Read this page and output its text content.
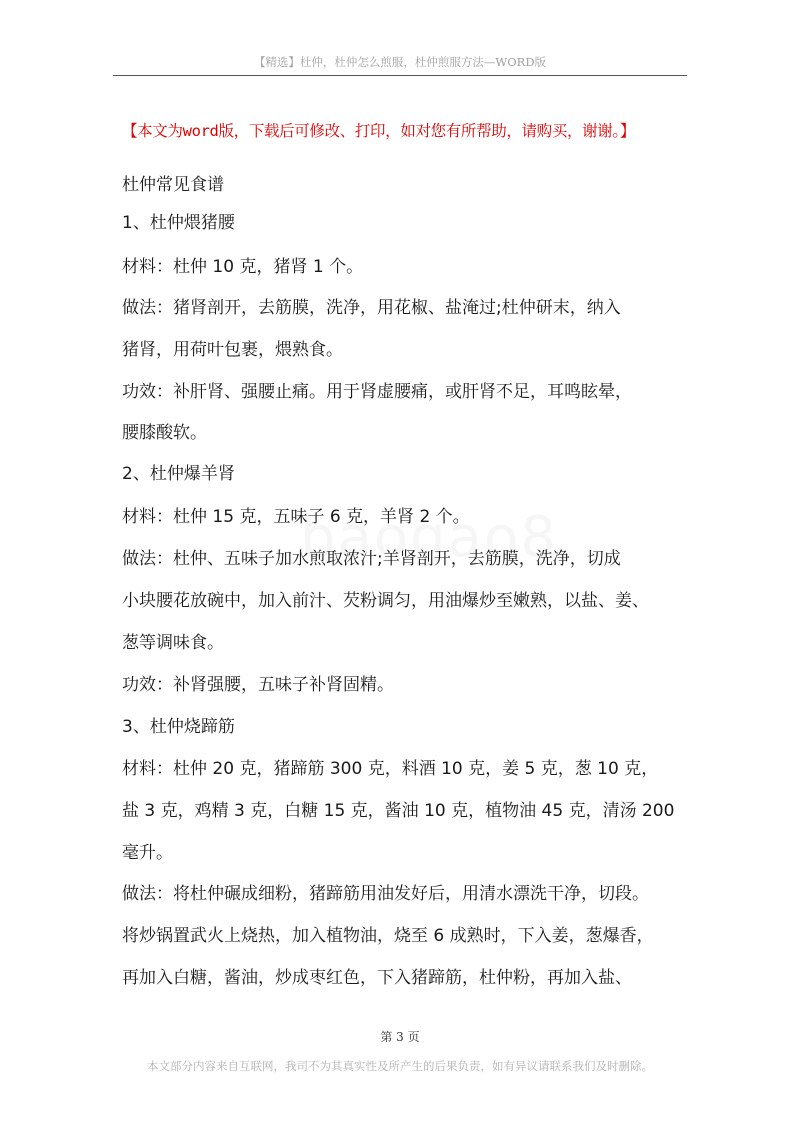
【精选】杜仲，杜仲怎么煎服，杜仲煎服方法—WORD版
【本文为word版，下载后可修改、打印，如对您有所帮助，请购买，谢谢。】
杜仲常见食谱
1、杜仲煨猪腰
材料：杜仲 10 克，猪肾 1 个。
做法：猪肾剖开，去筋膜，洗净，用花椒、盐淹过;杜仲研末，纳入
猪肾，用荷叶包裹，煨熟食。
功效：补肝肾、强腰止痛。用于肾虚腰痛，或肝肾不足，耳鸣眩晕，
腰膝酸软。
2、杜仲爆羊肾
材料：杜仲 15 克，五味子 6 克，羊肾 2 个。
做法：杜仲、五味子加水煎取浓汁;羊肾剖开，去筋膜，洗净，切成
小块腰花放碗中，加入前汁、芡粉调匀，用油爆炒至嫩熟，以盐、姜、
葱等调味食。
功效：补肾强腰，五味子补肾固精。
3、杜仲烧蹄筋
材料：杜仲 20 克，猪蹄筋 300 克，料酒 10 克，姜 5 克，葱 10 克，
盐 3 克，鸡精 3 克，白糖 15 克，酱油 10 克，植物油 45 克，清汤 200
毫升。
做法：将杜仲碾成细粉，猪蹄筋用油发好后，用清水漂洗干净，切段。
将炒锅置武火上烧热，加入植物油，烧至 6 成熟时，下入姜，葱爆香，
再加入白糖，酱油，炒成枣红色，下入猪蹄筋，杜仲粉，再加入盐、
第 3 页
本文部分内容来自互联网，我司不为其真实性及所产生的后果负责，如有异议请联系我们及时删除。
